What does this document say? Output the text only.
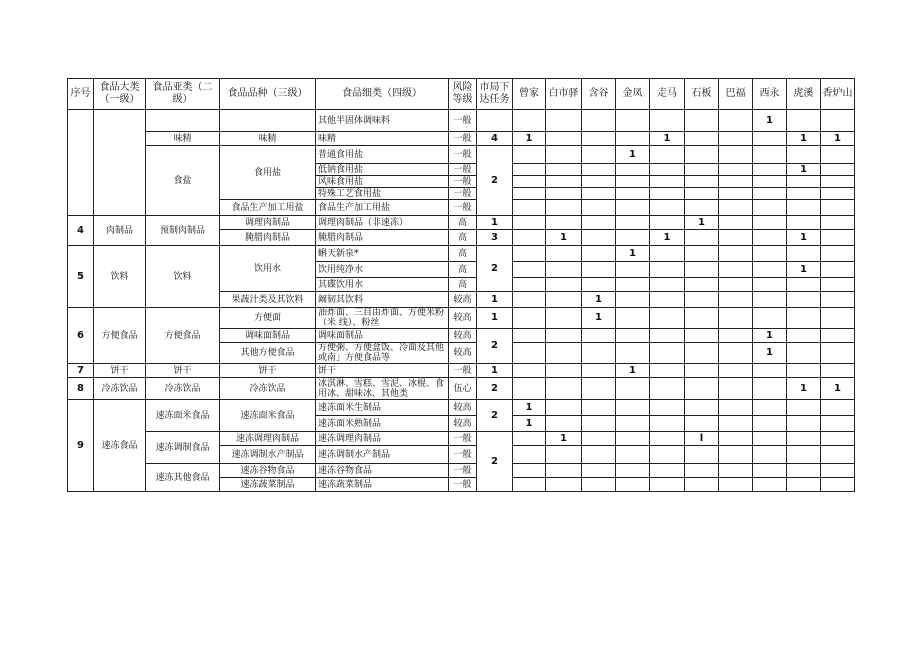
序号	食品大类（一级）	食品亚类（二级）	食品品种（三级）	食品细类（四级）	风险等级	市局下达任务	曾家	白市驿	含谷	金凤	走马	石板	巴福	西永	虎溪	香炉山
				其他半固体调味料	一般									1		
		味精	味精	味精	一般	4	1				1				1	1
		食盐	食用盐	普通食用盐	一般	2				1						
				低钠食用盐	一般										1	
				风味食用盐	一般											
				特殊工艺食用盐	一般											
			食品生产加工用盐	食品生产加工用盐	一般											
4	肉制品	预制肉制品	调理肉制品	调理肉制品（非速冻）	高	1						1				
			腌腊肉制品	腌腊肉制品	高	3		1			1				1	
5	饮料	饮料	饮用水	蝌天新泉*	高	2				1						
				饮用纯净水	高										1	
				其碟饮用水	高											
			果蔬汁类及其饮料	阚韧其饮料	较高	1			1							
6	方便食品	方便食品	方便面	油炸面、三目由炸面、方便米粉（米 线）、粉丝	较高	1			1							
			调味面制品	调味面制品	较高	2								1		
			其他方便食品	方便粥、方便盒饭、冷面及其他 或南」方便食品等	较高									1		
7	饼干	饼干	饼干	饼干	一般	1				1						
8	冷冻饮品	冷冻饮品	冷冻饮品	冰淇淋、雪糕、雪泥、冰棍、食用冰、甜味冰、其他类	伍心	2									1	1
9	速冻食品	速冻面米食品	速冻面米食品	速冻面米生制品	较高	2	1									
				速冻面米熟制品	较高		1									
		速冻调制食品	速冻调理肉制品	速冻调理肉制品	一般	2		1				l				
			速冻调制水产制品	速冻调制水产制品	一般											
		速冻其他食品	速冻谷物食品	速冻谷物食品	一般											
			速冻蔬菜制品	速冻蔬菜制品	一般											
